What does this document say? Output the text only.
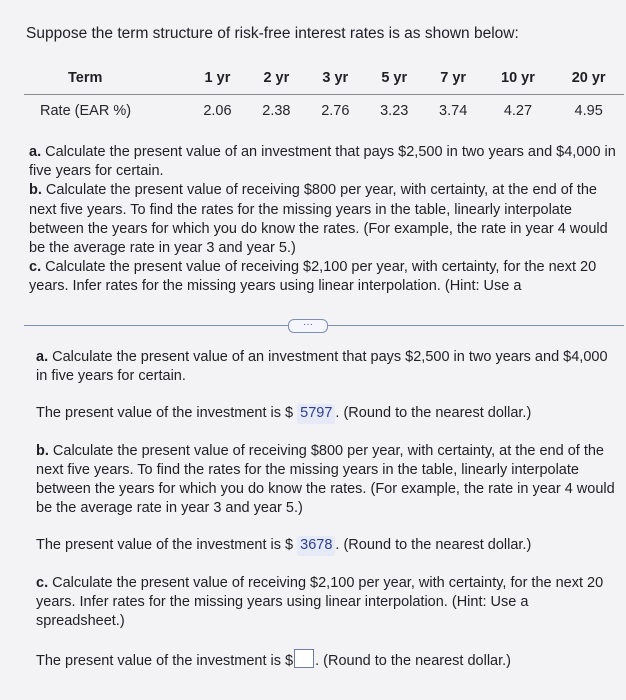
Suppose the term structure of risk-free interest rates is as shown below:
Term	1 yr	2 yr	3 yr	5 yr	7 yr	10 yr	20 yr
Rate (EAR %)	2.06	2.38	2.76	3.23	3.74	4.27	4.95

a. Calculate the present value of an investment that pays $2,500 in two years and $4,000 in five years for certain.

b. Calculate the present value of receiving $800 per year, with certainty, at the end of the next five years. To find the rates for the missing years in the table, linearly interpolate between the years for which you do know the rates. (For example, the rate in year 4 would be the average rate in year 3 and year 5.)

c. Calculate the present value of receiving $2,100 per year, with certainty, for the next 20 years. Infer rates for the missing years using linear interpolation. (Hint: Use a

···

a. Calculate the present value of an investment that pays $2,500 in two years and $4,000 in five years for certain.

The present value of the investment is $ 5797 . (Round to the nearest dollar.)

b. Calculate the present value of receiving $800 per year, with certainty, at the end of the next five years. To find the rates for the missing years in the table, linearly interpolate between the years for which you do know the rates. (For example, the rate in year 4 would be the average rate in year 3 and year 5.)

The present value of the investment is $ 3678 . (Round to the nearest dollar.)

c. Calculate the present value of receiving $2,100 per year, with certainty, for the next 20 years. Infer rates for the missing years using linear interpolation. (Hint: Use a spreadsheet.)

The present value of the investment is $ . (Round to the nearest dollar.)
